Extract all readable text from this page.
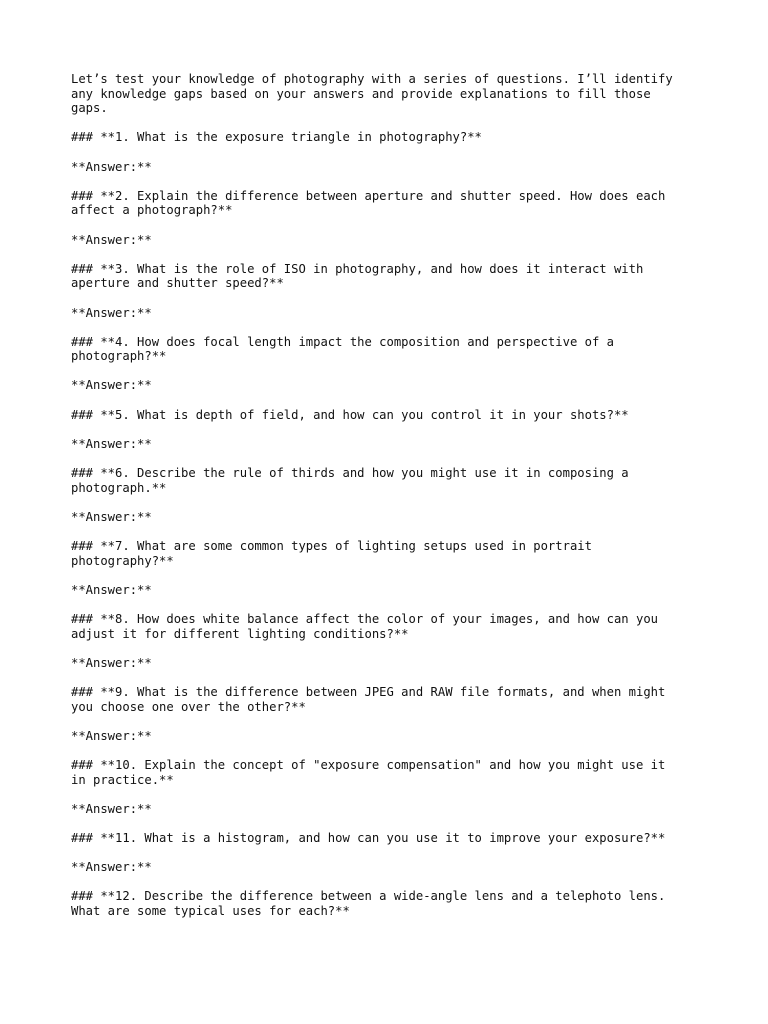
Let’s test your knowledge of photography with a series of questions. I’ll identify
any knowledge gaps based on your answers and provide explanations to fill those
gaps.

### **1. What is the exposure triangle in photography?**

**Answer:**

### **2. Explain the difference between aperture and shutter speed. How does each
affect a photograph?**

**Answer:**

### **3. What is the role of ISO in photography, and how does it interact with
aperture and shutter speed?**

**Answer:**

### **4. How does focal length impact the composition and perspective of a
photograph?**

**Answer:**

### **5. What is depth of field, and how can you control it in your shots?**

**Answer:**

### **6. Describe the rule of thirds and how you might use it in composing a
photograph.**

**Answer:**

### **7. What are some common types of lighting setups used in portrait
photography?**

**Answer:**

### **8. How does white balance affect the color of your images, and how can you
adjust it for different lighting conditions?**

**Answer:**

### **9. What is the difference between JPEG and RAW file formats, and when might
you choose one over the other?**

**Answer:**

### **10. Explain the concept of "exposure compensation" and how you might use it
in practice.**

**Answer:**

### **11. What is a histogram, and how can you use it to improve your exposure?**

**Answer:**

### **12. Describe the difference between a wide-angle lens and a telephoto lens.
What are some typical uses for each?**
